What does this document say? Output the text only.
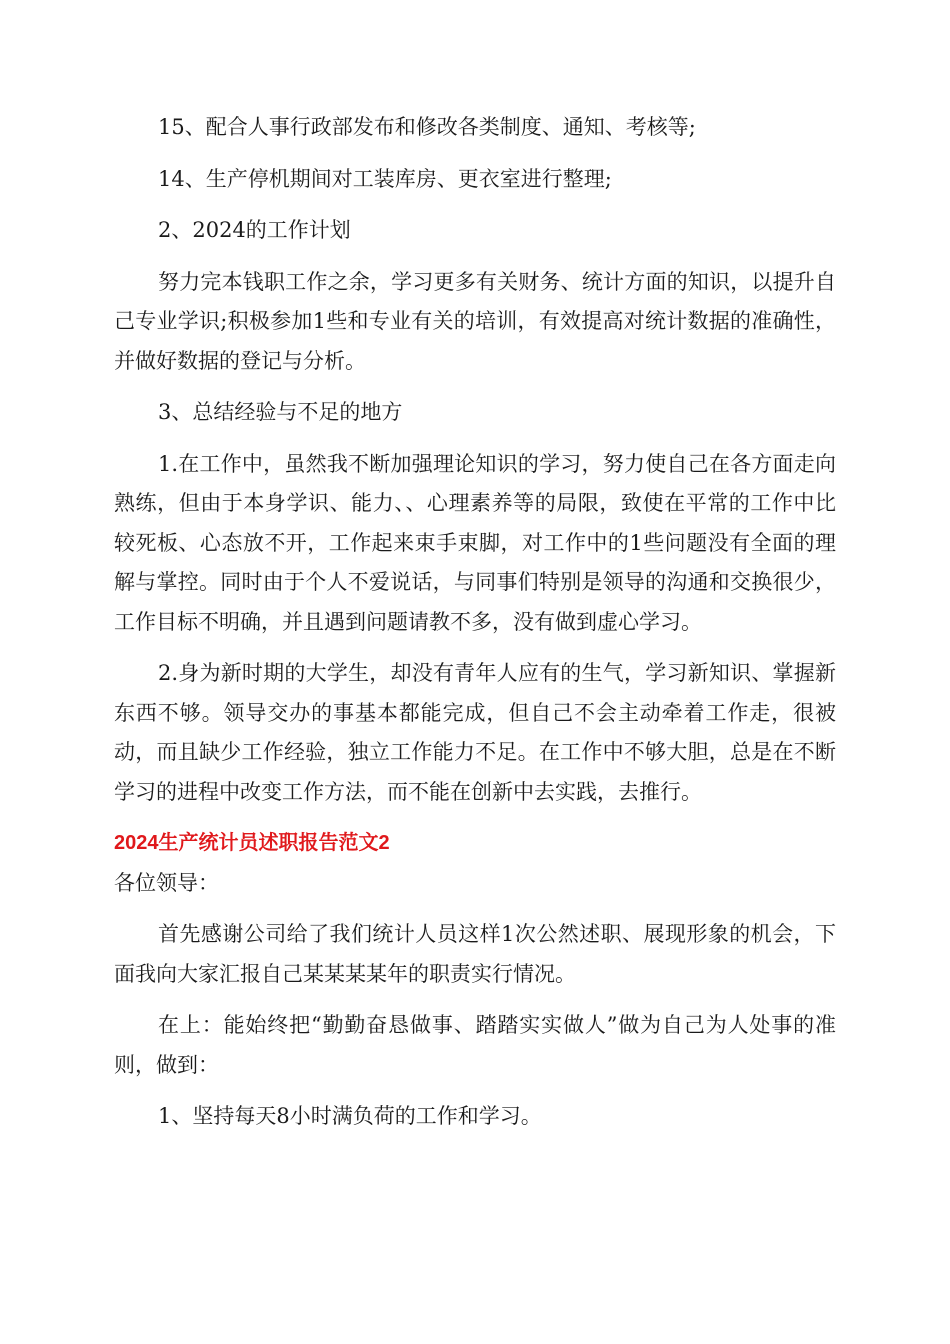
15、配合人事行政部发布和修改各类制度、通知、考核等;

14、生产停机期间对工装库房、更衣室进行整理;

2、2024的工作计划

努力完本钱职工作之余，学习更多有关财务、统计方面的知识，以提升自己专业学识;积极参加1些和专业有关的培训，有效提高对统计数据的准确性，并做好数据的登记与分析。

3、总结经验与不足的地方

1.在工作中，虽然我不断加强理论知识的学习，努力使自己在各方面走向熟练，但由于本身学识、能力、、心理素养等的局限，致使在平常的工作中比较死板、心态放不开，工作起来束手束脚，对工作中的1些问题没有全面的理解与掌控。同时由于个人不爱说话，与同事们特别是领导的沟通和交换很少，工作目标不明确，并且遇到问题请教不多，没有做到虚心学习。

2.身为新时期的大学生，却没有青年人应有的生气，学习新知识、掌握新东西不够。领导交办的事基本都能完成，但自己不会主动牵着工作走，很被动，而且缺少工作经验，独立工作能力不足。在工作中不够大胆，总是在不断学习的进程中改变工作方法，而不能在创新中去实践，去推行。

2024生产统计员述职报告范文2

各位领导：

首先感谢公司给了我们统计人员这样1次公然述职、展现形象的机会，下面我向大家汇报自己某某某某年的职责实行情况。

在上：能始终把“勤勤奋恳做事、踏踏实实做人”做为自己为人处事的准则，做到：

1、坚持每天8小时满负荷的工作和学习。
